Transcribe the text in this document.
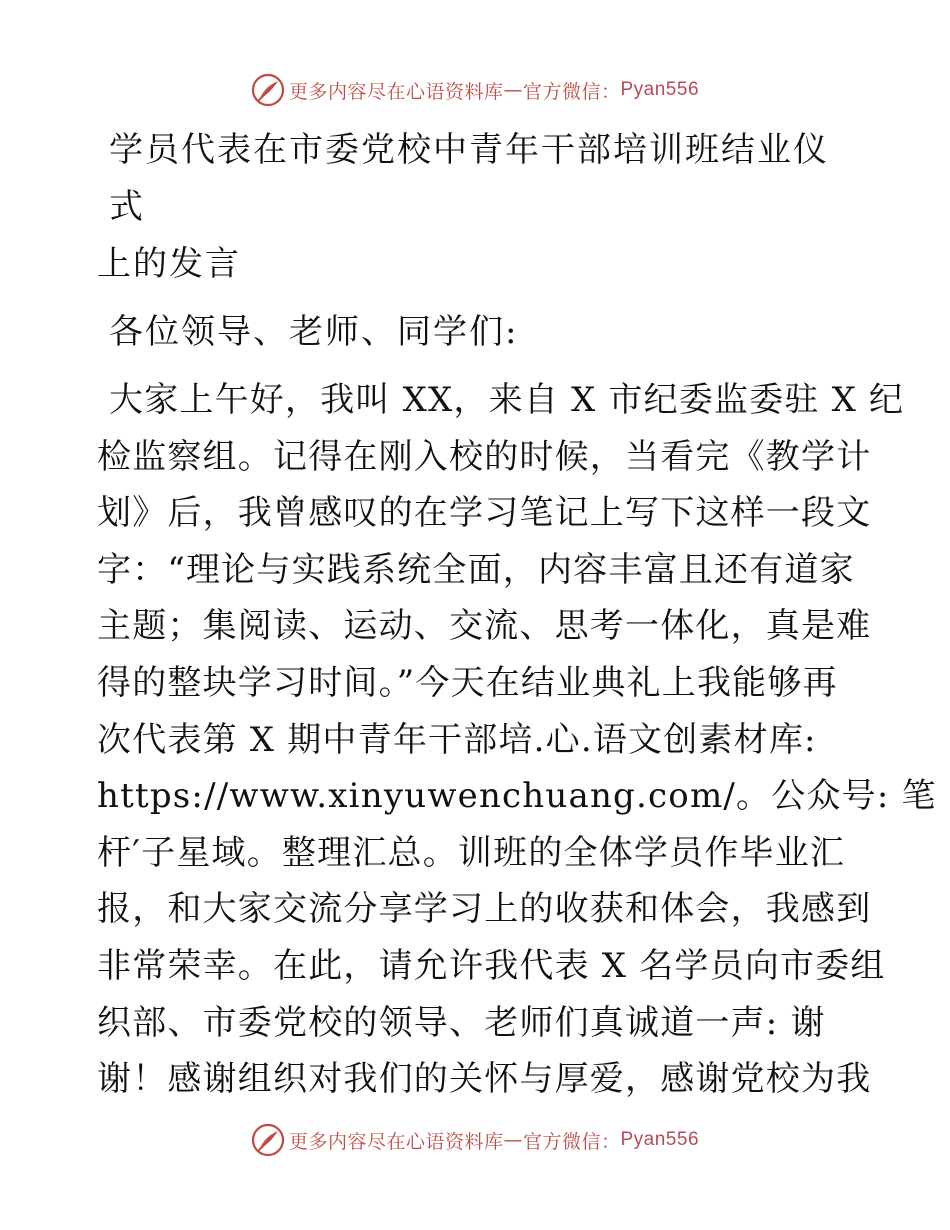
更多内容尽在心语资料库 — 官方微信： Pyan556
学员代表在市委党校中青年干部培训班结业仪式
上的发言
各位领导、老师、同学们:
大家上午好，我叫 XX，来自 X 市纪委监委驻 X 纪
检监察组。记得在刚入校的时候，当看完《教学计
划》后，我曾感叹的在学习笔记上写下这样一段文
字：“理论与实践系统全面，内容丰富且还有道家
主题；集阅读、运动、交流、思考一体化，真是难
得的整块学习时间。”今天在结业典礼上我能够再
次代表第 X 期中青年干部培.心.语文创素材库:
https://www.xinyuwenchuang.com/。公众号: 笔
杆′子星域。整理汇总。训班的全体学员作毕业汇
报，和大家交流分享学习上的收获和体会，我感到
非常荣幸。在此，请允许我代表 X 名学员向市委组
织部、市委党校的领导、老师们真诚道一声: 谢
谢！感谢组织对我们的关怀与厚爱，感谢党校为我
更多内容尽在心语资料库 — 官方微信： Pyan556
